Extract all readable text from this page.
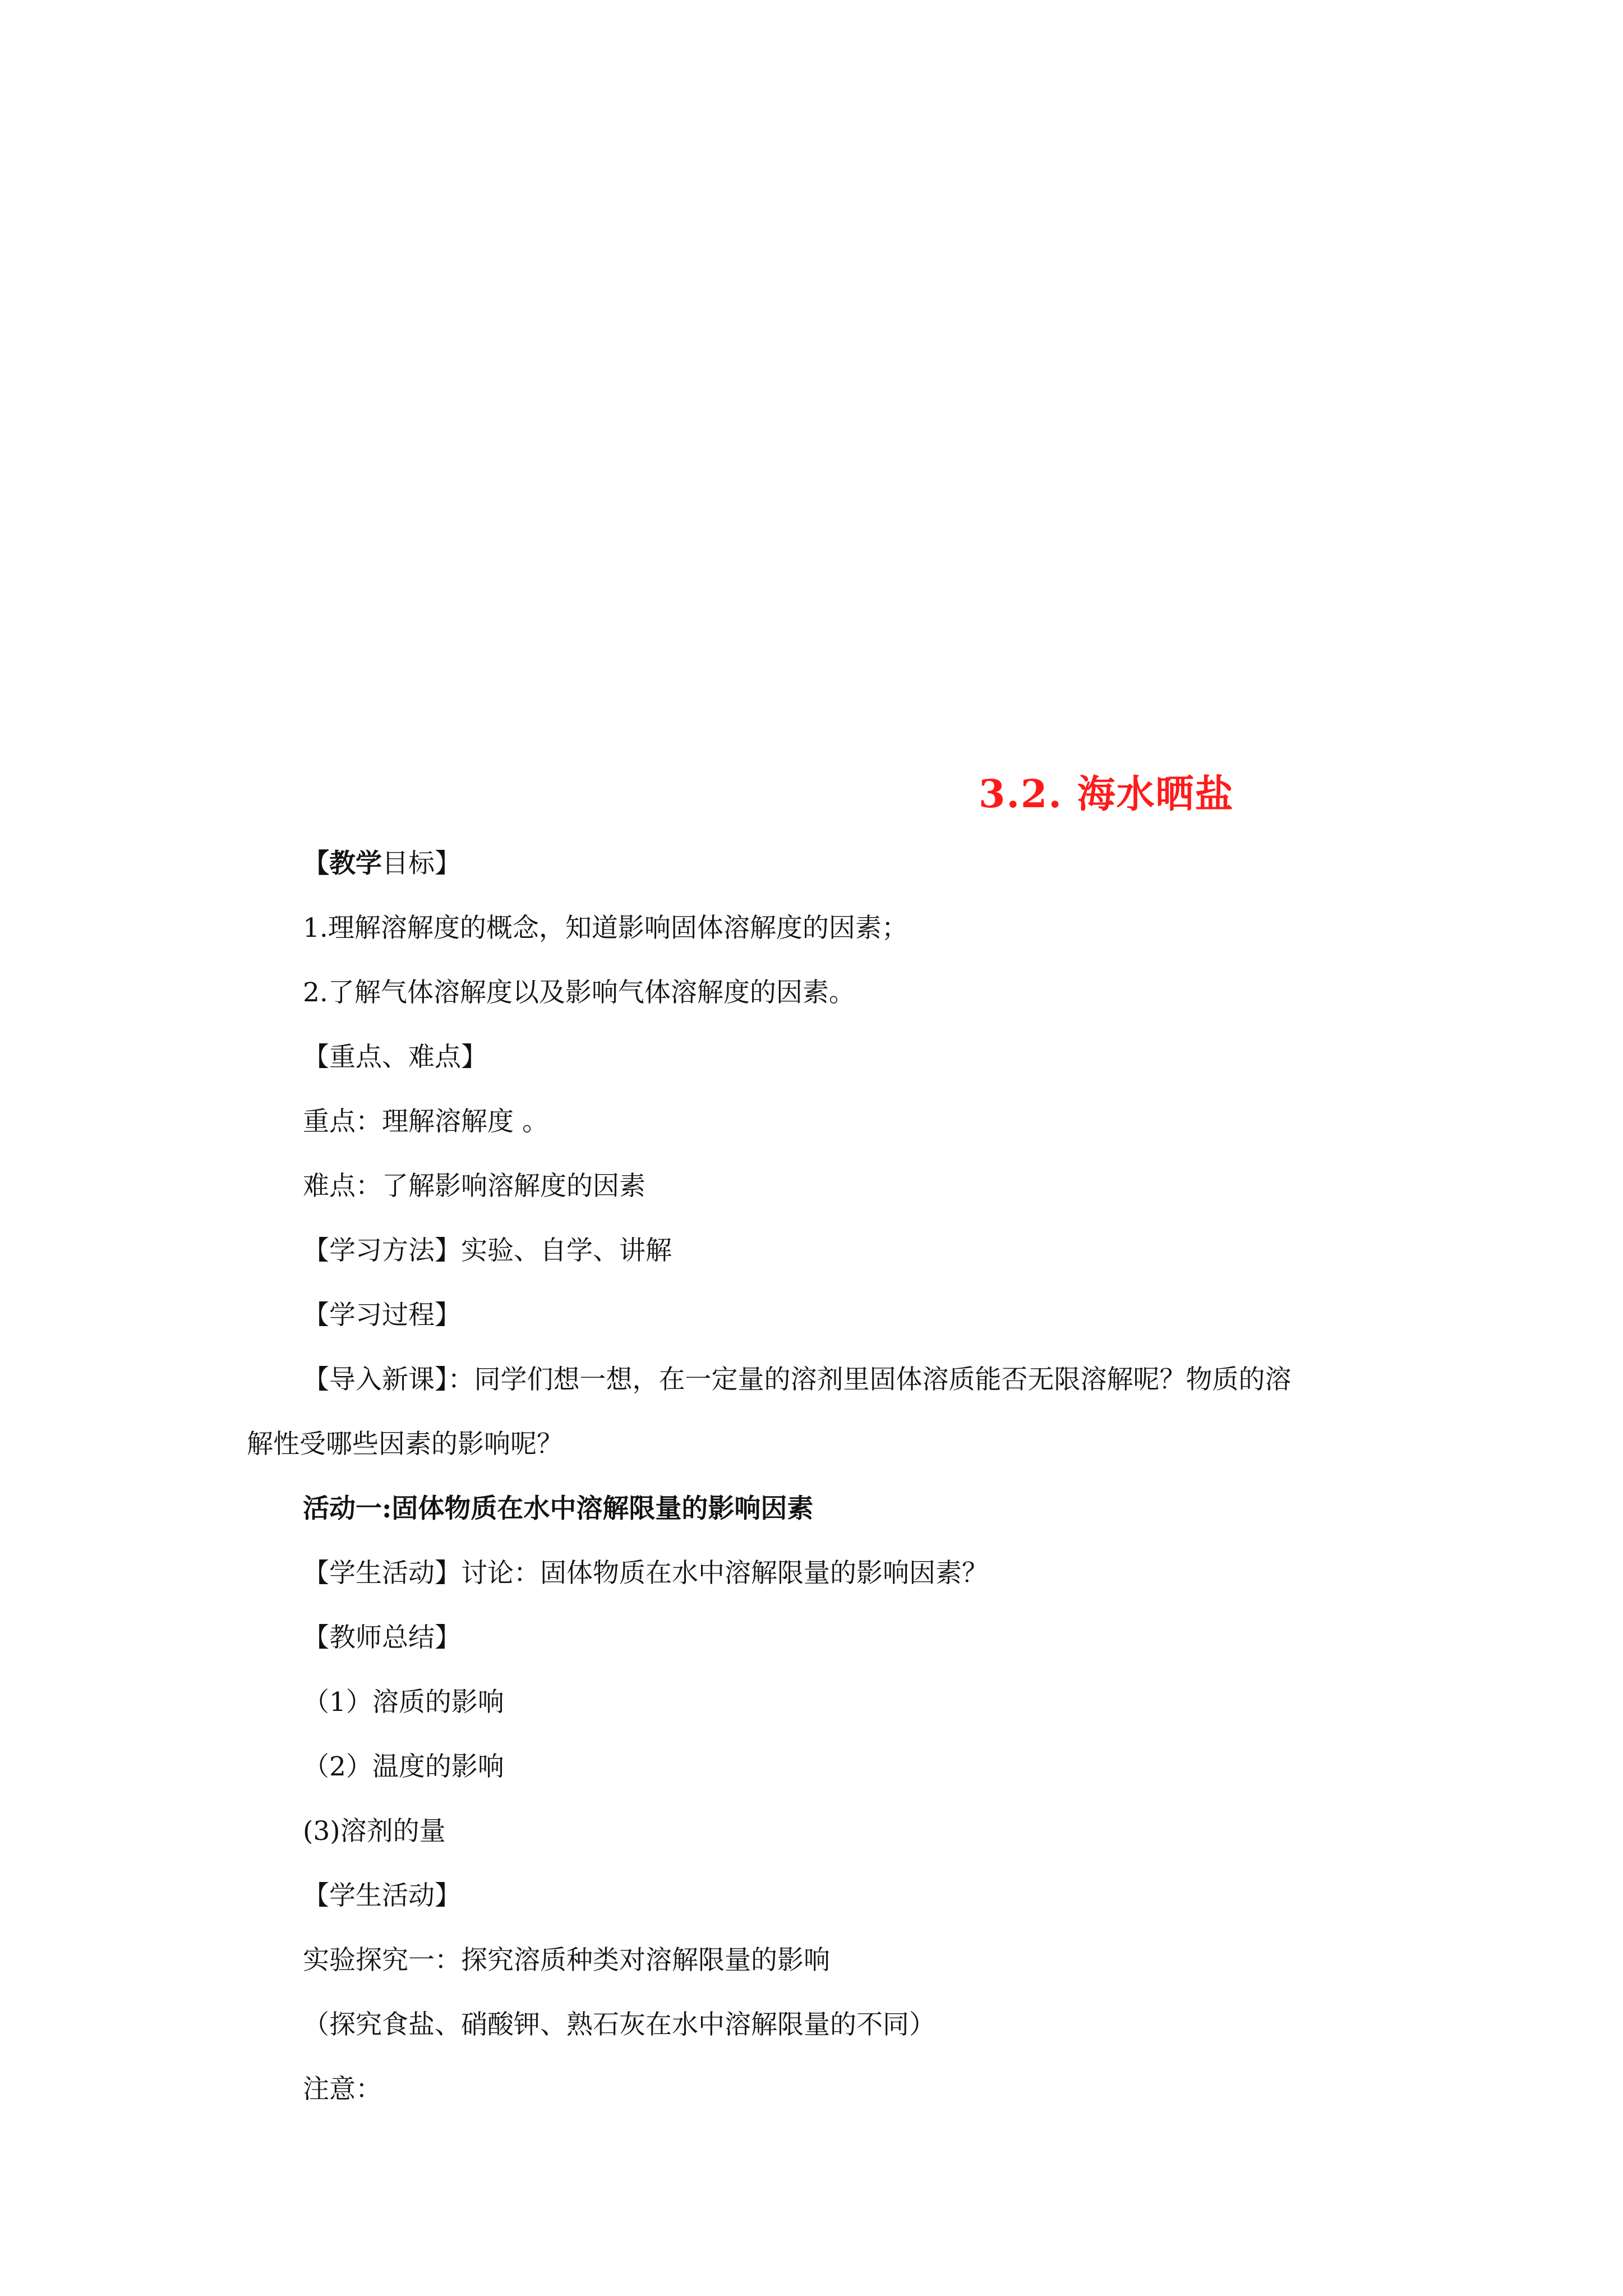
3.2. 海水晒盐
【教学目标】
1.理解溶解度的概念，知道影响固体溶解度的因素；
2.了解气体溶解度以及影响气体溶解度的因素。
【重点、难点】
重点：理解溶解度 。
难点：了解影响溶解度的因素
【学习方法】实验、自学、讲解
【学习过程】
【导入新课】：同学们想一想，在一定量的溶剂里固体溶质能否无限溶解呢？物质的溶
解性受哪些因素的影响呢？
活动一:固体物质在水中溶解限量的影响因素
【学生活动】讨论：固体物质在水中溶解限量的影响因素？
【教师总结】
（1）溶质的影响
（2）温度的影响
(3)溶剂的量
【学生活动】
实验探究一：探究溶质种类对溶解限量的影响
（探究食盐、硝酸钾、熟石灰在水中溶解限量的不同）
注意：
